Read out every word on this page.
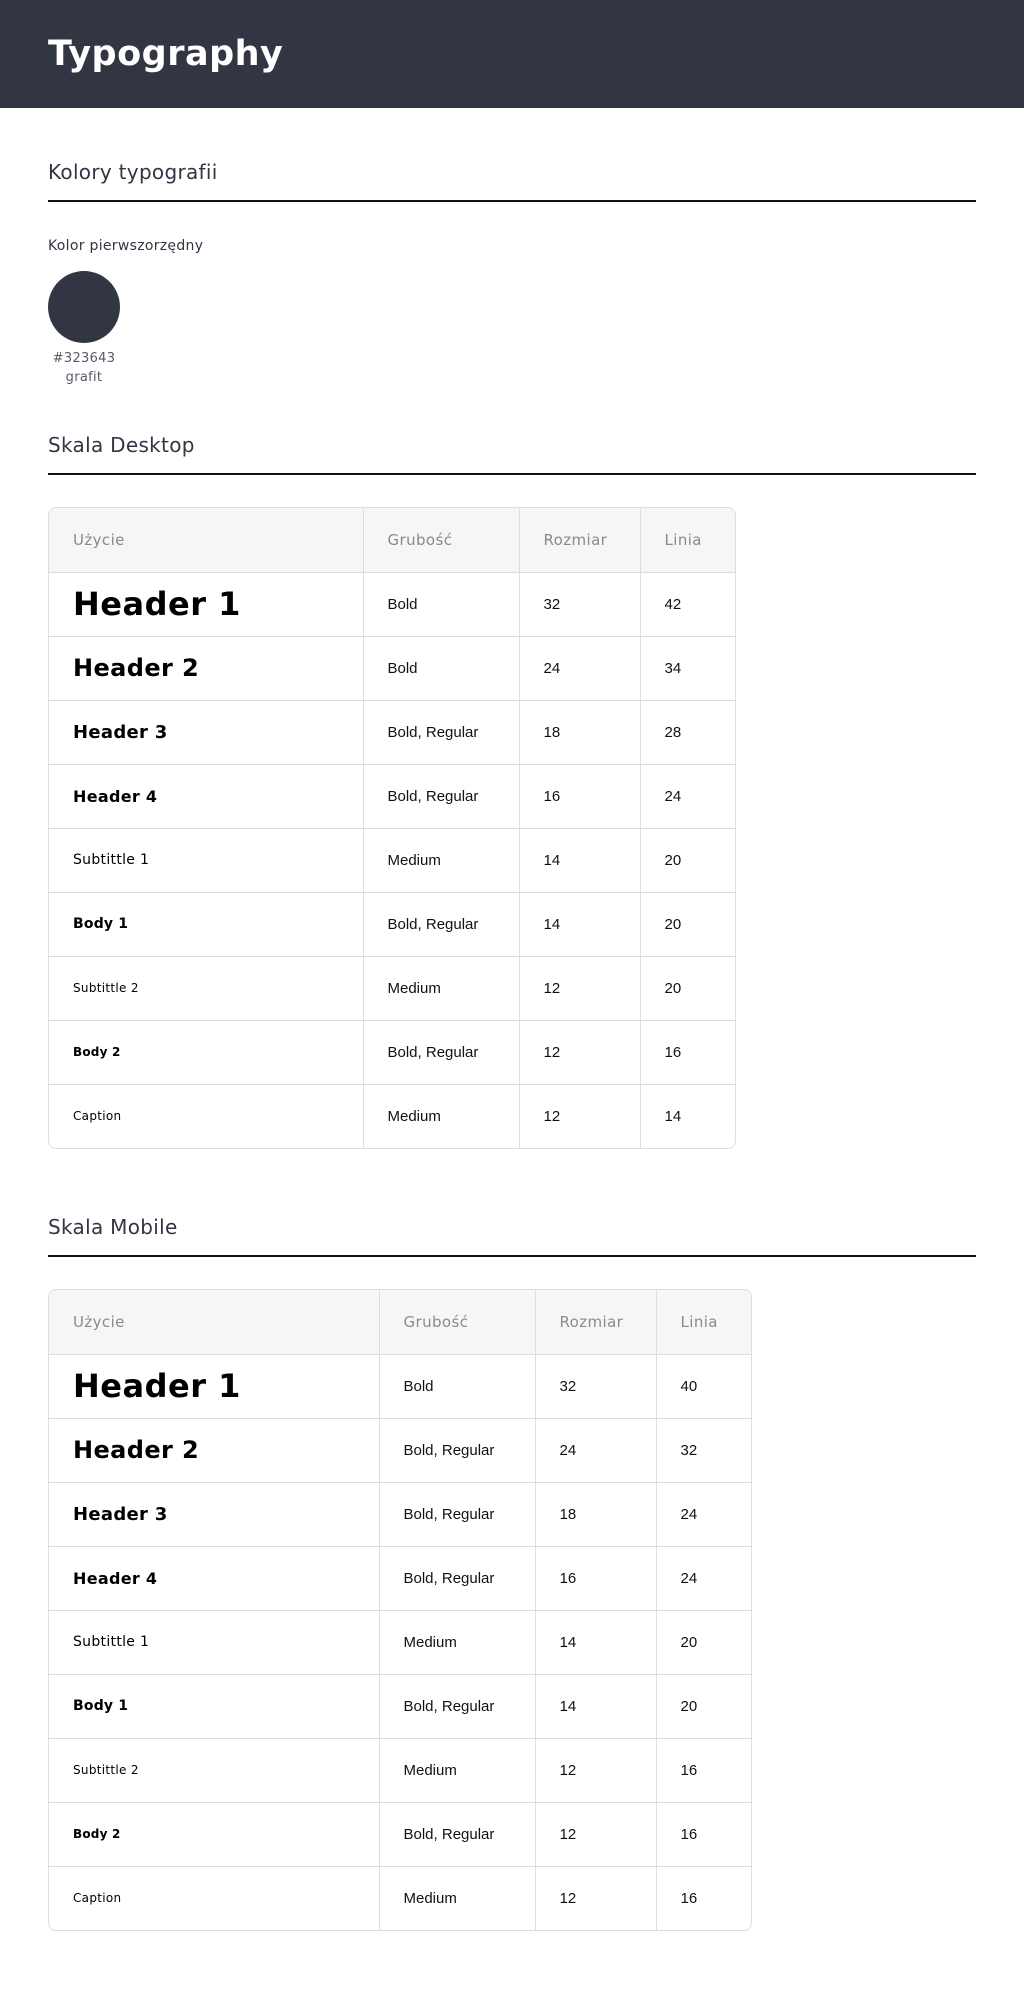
Typography
Kolory typografii
Kolor pierwszorzędny
#323643
grafit
Skala Desktop
Użycie	Grubość	Rozmiar	Linia
Header 1	Bold	32	42
Header 2	Bold	24	34
Header 3	Bold, Regular	18	28
Header 4	Bold, Regular	16	24
Subtittle 1	Medium	14	20
Body 1	Bold, Regular	14	20
Subtittle 2	Medium	12	20
Body 2	Bold, Regular	12	16
Caption	Medium	12	14
Skala Mobile
Użycie	Grubość	Rozmiar	Linia
Header 1	Bold	32	40
Header 2	Bold, Regular	24	32
Header 3	Bold, Regular	18	24
Header 4	Bold, Regular	16	24
Subtittle 1	Medium	14	20
Body 1	Bold, Regular	14	20
Subtittle 2	Medium	12	16
Body 2	Bold, Regular	12	16
Caption	Medium	12	16
